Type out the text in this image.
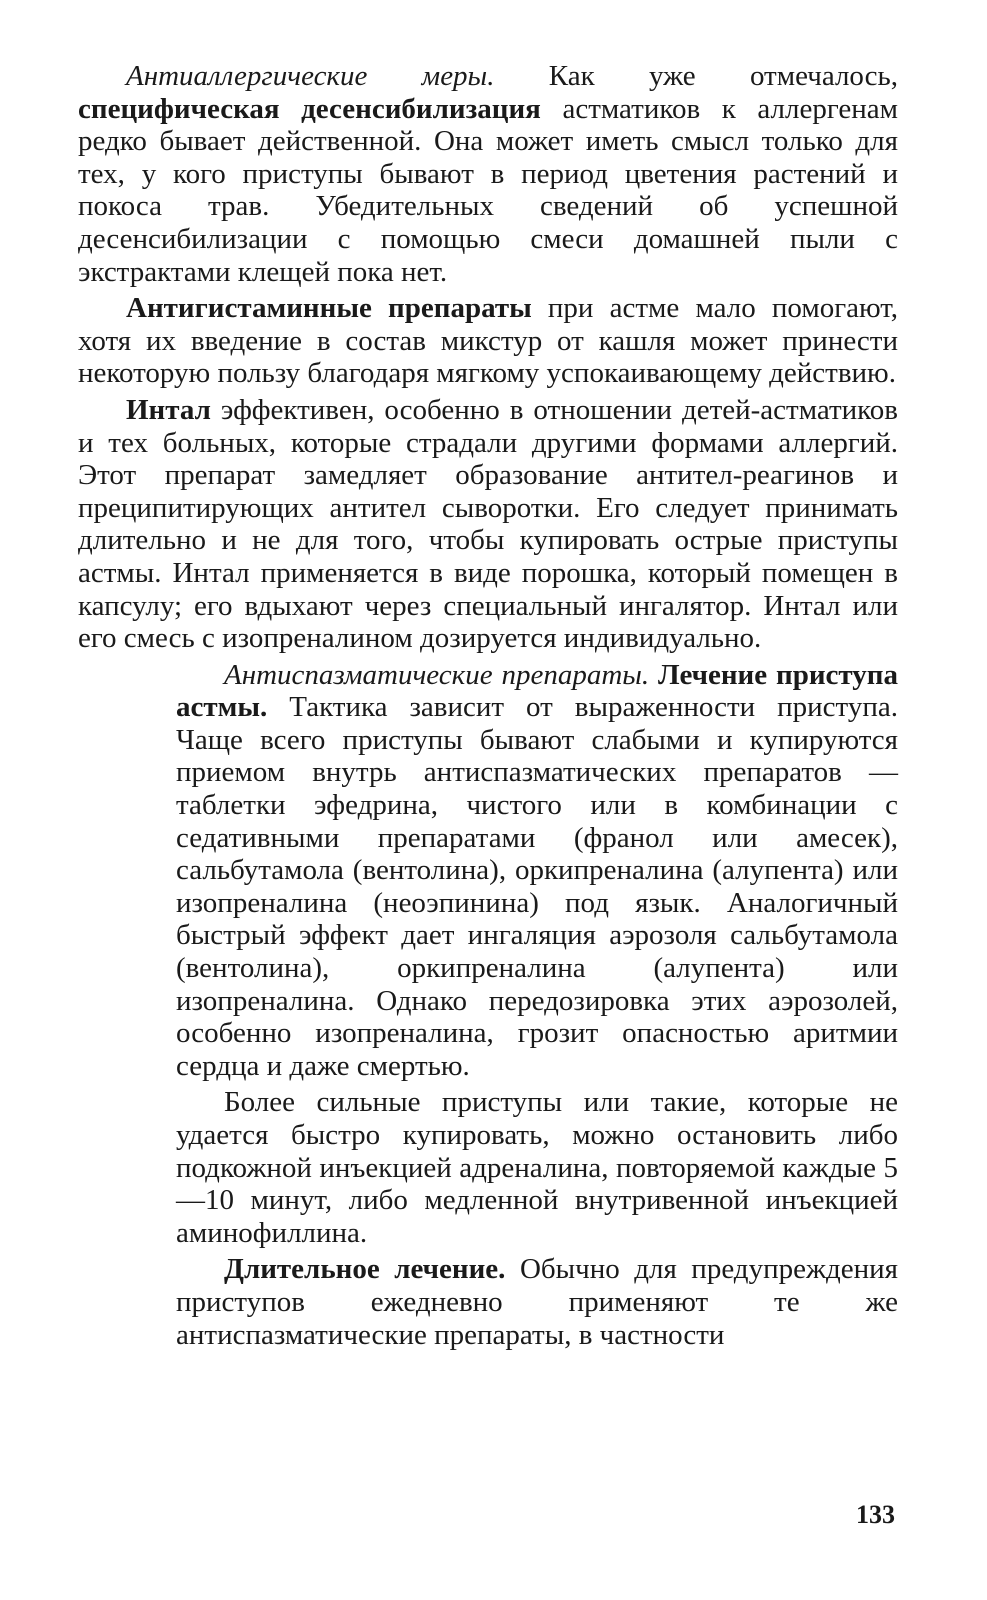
Антиаллергические меры. Как уже отмечалось, специфическая десенсибилизация астматиков к аллергенам редко бывает действенной. Она может иметь смысл только для тех, у кого приступы бывают в период цветения растений и покоса трав. Убедительных сведений об успешной десенсибилизации с помощью смеси домашней пыли с экстрактами клещей пока нет.

Антигистаминные препараты при астме мало помогают, хотя их введение в состав микстур от кашля может принести некоторую пользу благодаря мягкому успокаивающему действию.

Интал эффективен, особенно в отношении детей-астматиков и тех больных, которые страдали другими формами аллергий. Этот препарат замедляет образование антител-реагинов и преципитирующих антител сыворотки. Его следует принимать длительно и не для того, чтобы купировать острые приступы астмы. Интал применяется в виде порошка, который помещен в капсулу; его вдыхают через специальный ингалятор. Интал или его смесь с изопреналином дозируется индивидуально.

Антиспазматические препараты. Лечение приступа астмы. Тактика зависит от выраженности приступа. Чаще всего приступы бывают слабыми и купируются приемом внутрь антиспазматических препаратов — таблетки эфедрина, чистого или в комбинации с седативными препаратами (франол или амесек), сальбутамола (вентолина), оркипреналина (алупента) или изопреналина (неоэпинина) под язык. Аналогичный быстрый эффект дает ингаляция аэрозоля сальбутамола (вентолина), оркипреналина (алупента) или изопреналина. Однако передозировка этих аэрозолей, особенно изопреналина, грозит опасностью аритмии сердца и даже смертью.

Более сильные приступы или такие, которые не удается быстро купировать, можно остановить либо подкожной инъекцией адреналина, повторяемой каждые 5—10 минут, либо медленной внутривенной инъекцией аминофиллина.

Длительное лечение. Обычно для предупреждения приступов ежедневно применяют те же антиспазматические препараты, в частности

133
